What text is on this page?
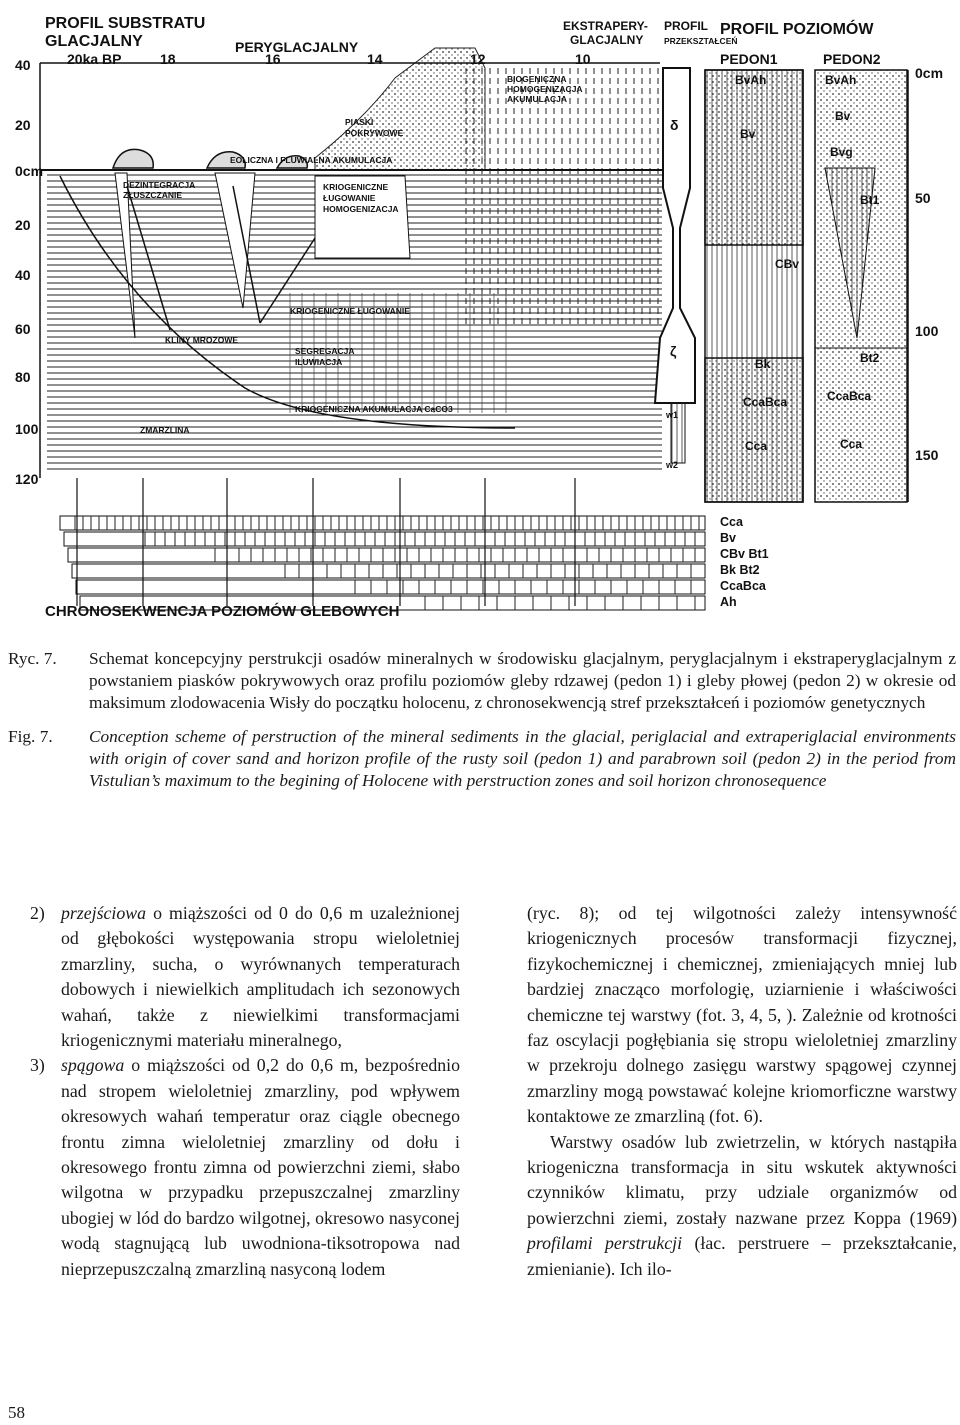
40
20
0cm
20
40
60
80
100
120
18	16	14	12	10
0cm
50
100
150
PROFIL SUBSTRATU
GLACJALNY	PERYGLACJALNY
EKSTRAPERY-
GLACJALNY
PROFIL
PRZEKSZTAŁCEŃ
PROFIL POZIOMÓW
PEDON1	PEDON2
20ka BP
CHRONOSEKWENCJA POZIOMÓW GLEBOWYCH
PIASKI
POKRYWOWE
BIOGENICZNA
HOMOGENIZACJA
AKUMULACJA
EOLICZNA I FLUWIALNA AKUMULACJA
DEZINTEGRACJA
ZŁUSZCZANIE
KRIOGENICZNE
ŁUGOWANIE
HOMOGENIZACJA
KRIOGENICZNE ŁUGOWANIE
KLINY MROZOWE
SEGREGACJA
ILUWIACJA
KRIOGENICZNA AKUMULACJA CaCO3
ZMARZLINA
δ
ζ
w1
w2
BvAh
Bv
CBv
Bk
CcaBca
Cca
BvAh
Bv
Bvg
Bt1
Bt2
CcaBca
Cca
Cca
Bv
CBv Bt1
Bk Bt2
CcaBca
Ah
Ryc. 7. Schemat koncepcyjny perstrukcji osadów mineralnych w środowisku glacjalnym, peryglacjalnym i ekstraperyglacjalnym z powstaniem piasków pokrywowych oraz profilu poziomów gleby rdzawej (pedon 1) i gleby płowej (pedon 2) w okresie od maksimum zlodowacenia Wisły do początku holocenu, z chronosekwencją stref przekształceń i poziomów genetycznych
Fig. 7. Conception scheme of perstruction of the mineral sediments in the glacial, periglacial and extraperiglacial environments with origin of cover sand and horizon profile of the rusty soil (pedon 1) and parabrown soil (pedon 2) in the period from Vistulian’s maximum to the begining of Holocene with perstruction zones and soil horizon chronosequence

2) przejściowa o miąższości od 0 do 0,6 m uzależnionej od głębokości występowania stropu wieloletniej zmarzliny, sucha, o wyrównanych temperaturach dobowych i niewielkich amplitudach ich sezonowych wahań, także z niewielkimi transformacjami kriogenicznymi materiału mineralnego,

3) spągowa o miąższości od 0,2 do 0,6 m, bezpośrednio nad stropem wieloletniej zmarzliny, pod wpływem okresowych wahań temperatur oraz ciągle obecnego frontu zimna wieloletniej zmarzliny od dołu i okresowego frontu zimna od powierzchni ziemi, słabo wilgotna w przypadku przepuszczalnej zmarzliny ubogiej w lód do bardzo wilgotnej, okresowo nasyconej wodą stagnującą lub uwodniona-tiksotropowa nad nieprzepuszczalną zmarzliną nasyconą lodem

(ryc. 8); od tej wilgotności zależy intensywność kriogenicznych procesów transformacji fizycznej, fizykochemicznej i chemicznej, zmieniających mniej lub bardziej znacząco morfologię, uziarnienie i właściwości chemiczne tej warstwy (fot. 3, 4, 5, ). Zależnie od krotności faz oscylacji pogłębiania się stropu wieloletniej zmarzliny w przekroju dolnego zasięgu warstwy spągowej czynnej zmarzliny mogą powstawać kolejne kriomorficzne warstwy kontaktowe ze zmarzliną (fot. 6).

Warstwy osadów lub zwietrzelin, w których nastąpiła kriogeniczna transformacja in situ wskutek aktywności czynników klimatu, przy udziale organizmów od powierzchni ziemi, zostały nazwane przez Koppa (1969) profilami perstrukcji (łac. perstruere – przekształcanie, zmienianie). Ich ilo-

58
